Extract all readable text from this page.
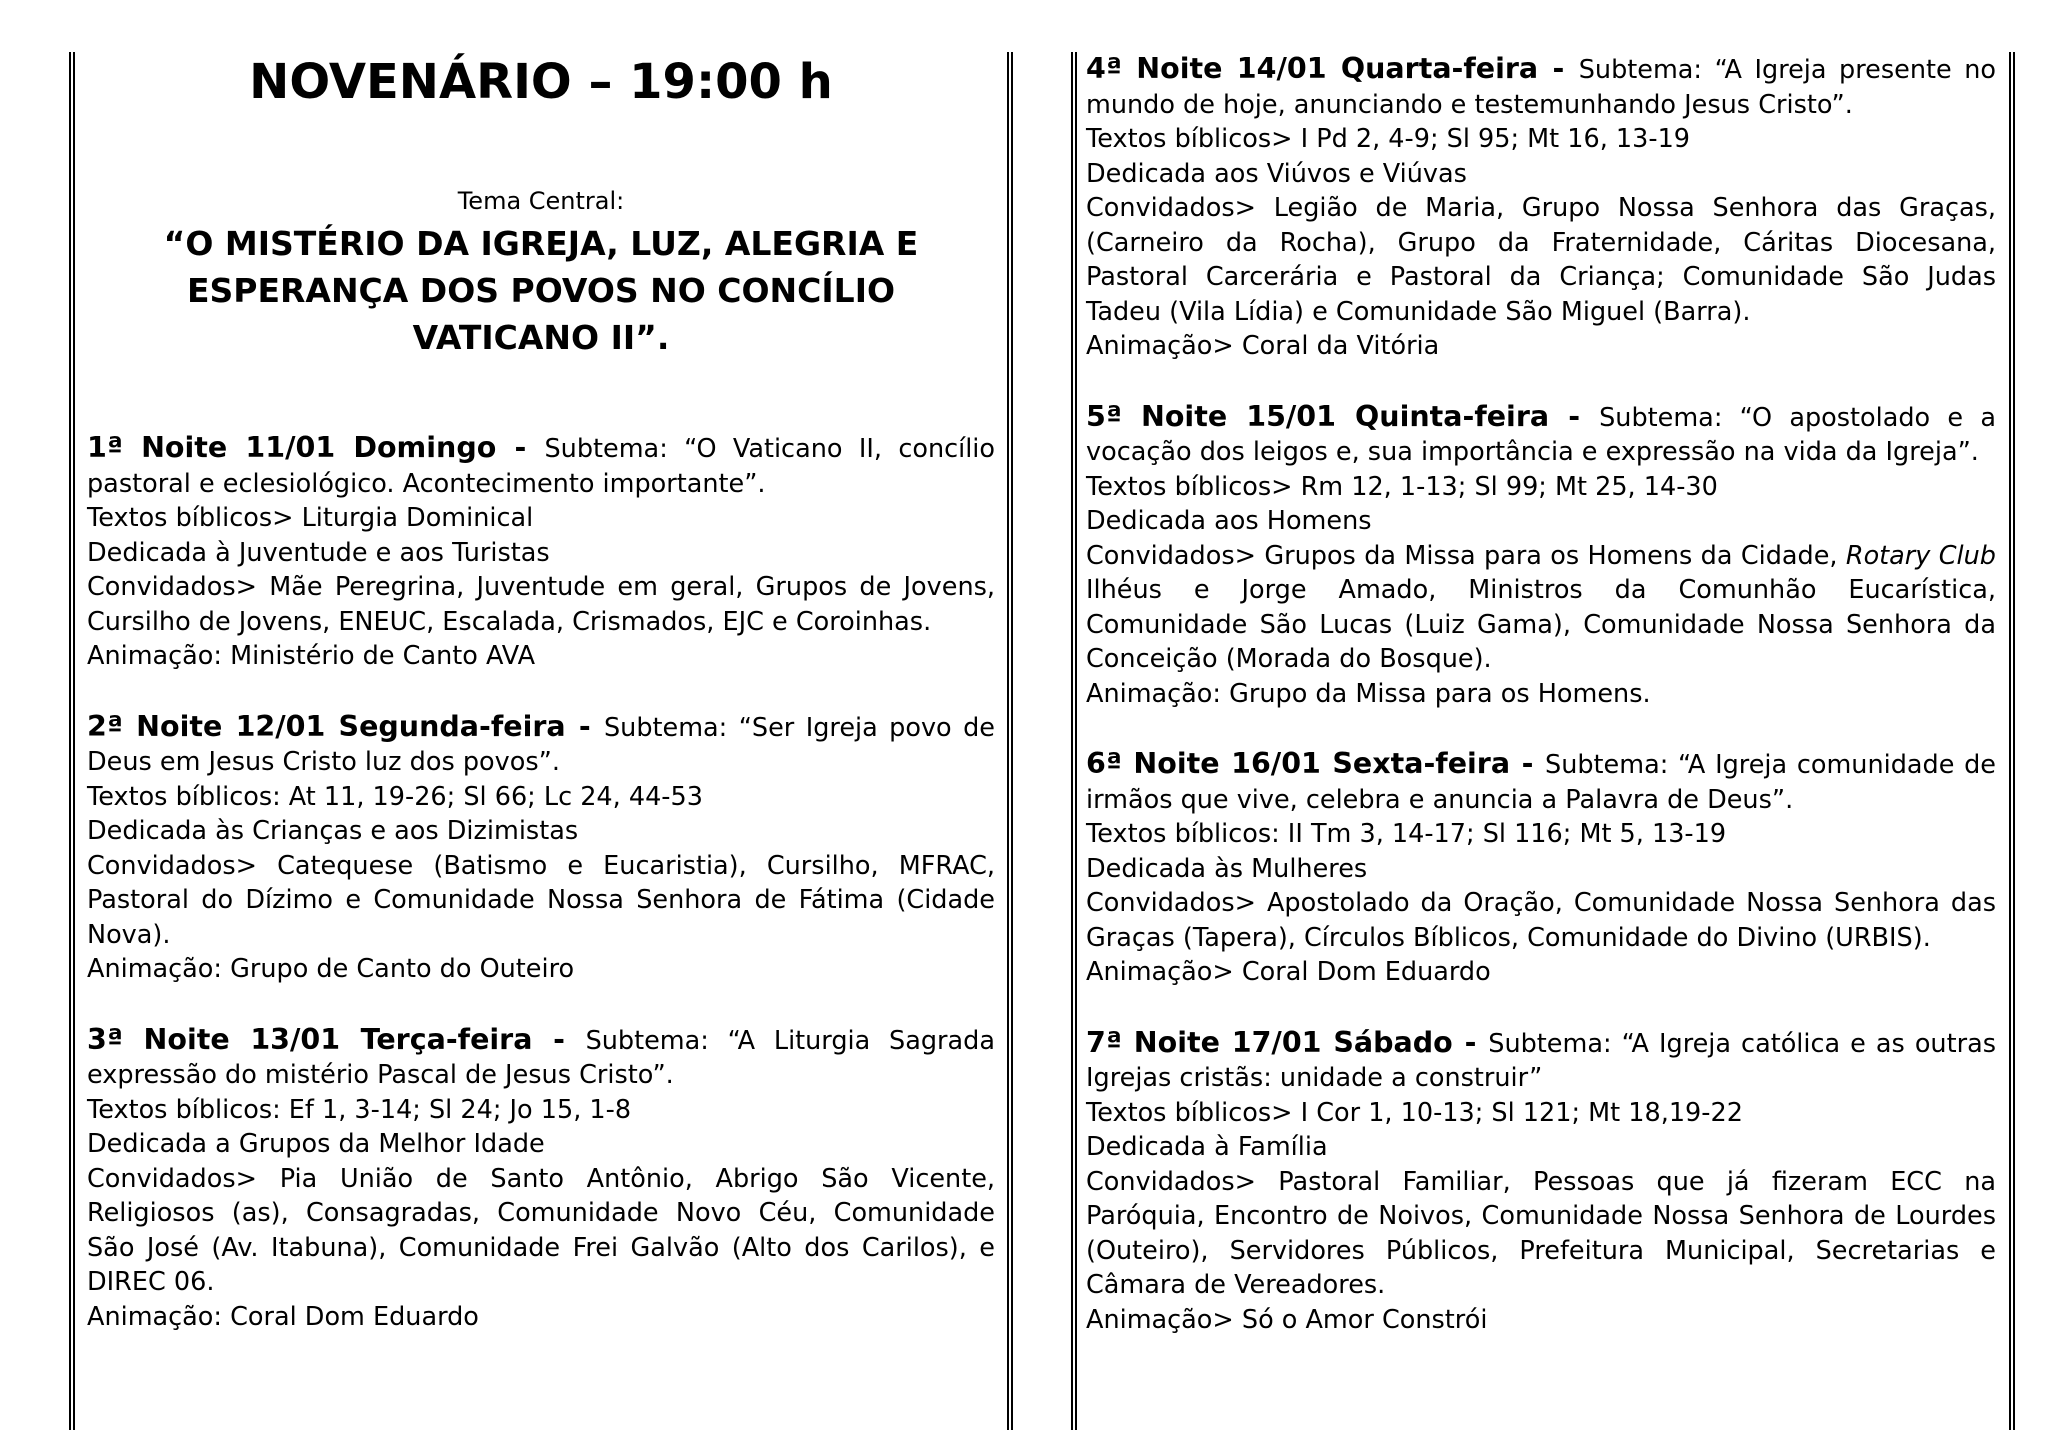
NOVENÁRIO – 19:00 h
Tema Central:

“O MISTÉRIO DA IGREJA, LUZ, ALEGRIA E

ESPERANÇA DOS POVOS NO CONCÍLIO

VATICANO II”.

1ª Noite 11/01 Domingo - Subtema: “O Vaticano II, concílio pastoral e eclesiológico. Acontecimento importante”.

Textos bíblicos> Liturgia Dominical

Dedicada à Juventude e aos Turistas

Convidados> Mãe Peregrina, Juventude em geral, Grupos de Jovens, Cursilho de Jovens, ENEUC, Escalada, Crismados, EJC e Coroinhas.

Animação: Ministério de Canto AVA

2ª Noite 12/01 Segunda-feira - Subtema: “Ser Igreja povo de Deus em Jesus Cristo luz dos povos”.

Textos bíblicos: At 11, 19-26; Sl 66; Lc 24, 44-53

Dedicada às Crianças e aos Dizimistas

Convidados> Catequese (Batismo e Eucaristia), Cursilho, MFRAC, Pastoral do Dízimo e Comunidade Nossa Senhora de Fátima (Cidade Nova).

Animação: Grupo de Canto do Outeiro

3ª Noite 13/01 Terça-feira - Subtema: “A Liturgia Sagrada expressão do mistério Pascal de Jesus Cristo”.

Textos bíblicos: Ef 1, 3-14; Sl 24; Jo 15, 1-8

Dedicada a Grupos da Melhor Idade

Convidados> Pia União de Santo Antônio, Abrigo São Vicente, Religiosos (as), Consagradas, Comunidade Novo Céu, Comunidade São José (Av. Itabuna), Comunidade Frei Galvão (Alto dos Carilos), e DIREC 06.

Animação: Coral Dom Eduardo

4ª Noite 14/01 Quarta-feira - Subtema: “A Igreja presente no mundo de hoje, anunciando e testemunhando Jesus Cristo”.

Textos bíblicos> I Pd 2, 4-9; Sl 95; Mt 16, 13-19

Dedicada aos Viúvos e Viúvas

Convidados> Legião de Maria, Grupo Nossa Senhora das Graças, (Carneiro da Rocha), Grupo da Fraternidade, Cáritas Diocesana, Pastoral Carcerária e Pastoral da Criança; Comunidade São Judas Tadeu (Vila Lídia) e Comunidade São Miguel (Barra).

Animação> Coral da Vitória

5ª Noite 15/01 Quinta-feira - Subtema: “O apostolado e a vocação dos leigos e, sua importância e expressão na vida da Igreja”.

Textos bíblicos> Rm 12, 1-13; Sl 99; Mt 25, 14-30

Dedicada aos Homens

Convidados> Grupos da Missa para os Homens da Cidade, Rotary Club Ilhéus e Jorge Amado, Ministros da Comunhão Eucarística, Comunidade São Lucas (Luiz Gama), Comunidade Nossa Senhora da Conceição (Morada do Bosque).

Animação: Grupo da Missa para os Homens.

6ª Noite 16/01 Sexta-feira - Subtema: “A Igreja comunidade de irmãos que vive, celebra e anuncia a Palavra de Deus”.

Textos bíblicos: II Tm 3, 14-17; Sl 116; Mt 5, 13-19

Dedicada às Mulheres

Convidados> Apostolado da Oração, Comunidade Nossa Senhora das Graças (Tapera), Círculos Bíblicos, Comunidade do Divino (URBIS).

Animação> Coral Dom Eduardo

7ª Noite 17/01 Sábado - Subtema: “A Igreja católica e as outras Igrejas cristãs: unidade a construir”

Textos bíblicos> I Cor 1, 10-13; Sl 121; Mt 18,19-22

Dedicada à Família

Convidados> Pastoral Familiar, Pessoas que já fizeram ECC na Paróquia, Encontro de Noivos, Comunidade Nossa Senhora de Lourdes (Outeiro), Servidores Públicos, Prefeitura Municipal, Secretarias e Câmara de Vereadores.

Animação> Só o Amor Constrói
